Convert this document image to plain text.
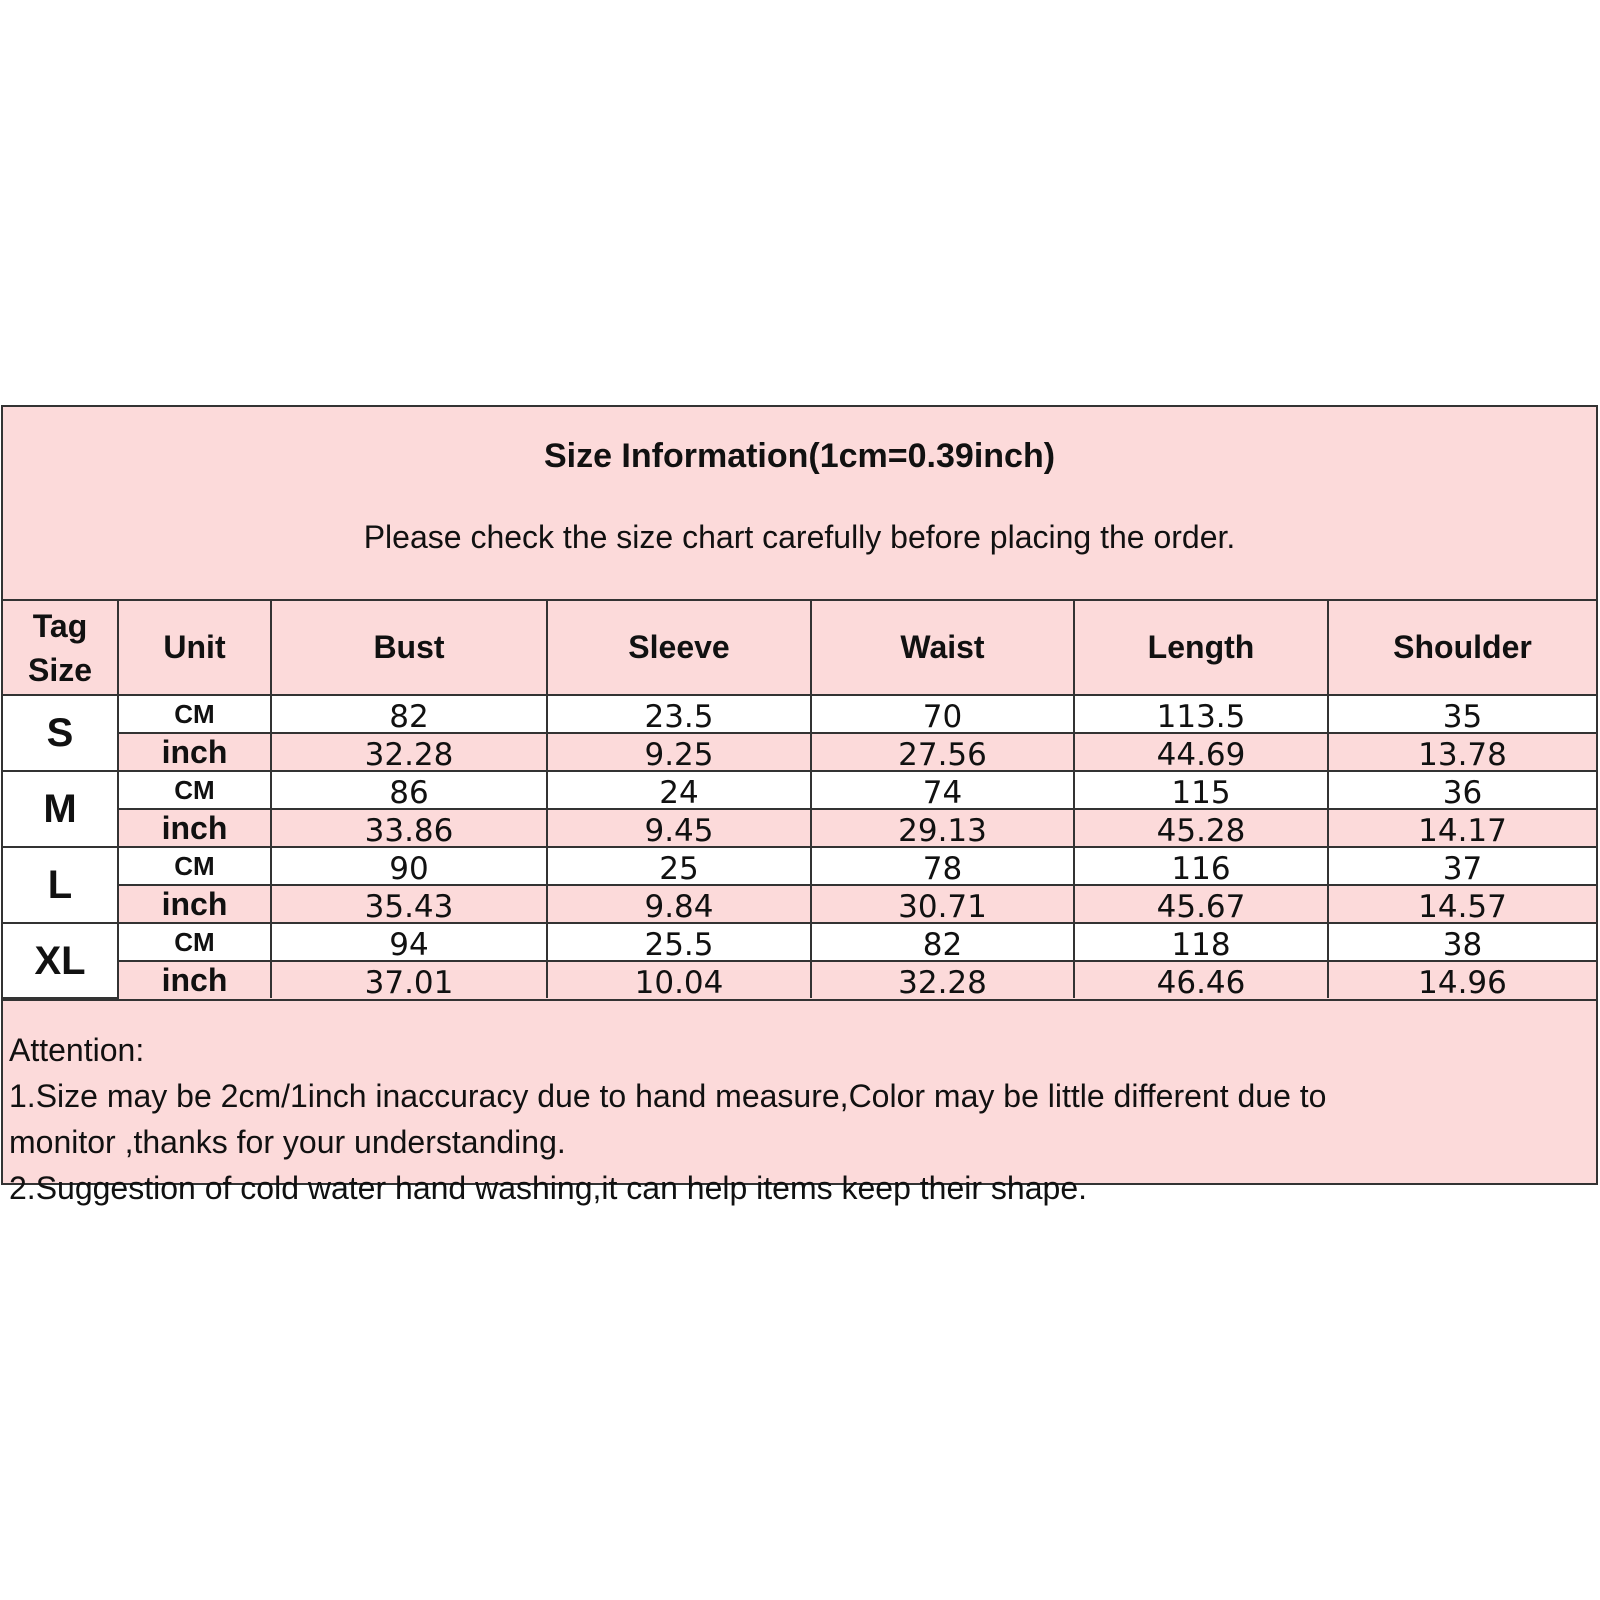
Size Information(1cm=0.39inch)
Please check the size chart carefully before placing the order.
Tag Size	Unit	Bust	Sleeve	Waist	Length	Shoulder
S	CM	82	23.5	70	113.5	35
	inch	32.28	9.25	27.56	44.69	13.78
M	CM	86	24	74	115	36
	inch	33.86	9.45	29.13	45.28	14.17
L	CM	90	25	78	116	37
	inch	35.43	9.84	30.71	45.67	14.57
XL	CM	94	25.5	82	118	38
	inch	37.01	10.04	32.28	46.46	14.96
Attention:
1.Size may be 2cm/1inch inaccuracy due to hand measure,Color may be little different due to
monitor ,thanks for your understanding.
2.Suggestion of cold water hand washing,it can help items keep their shape.
